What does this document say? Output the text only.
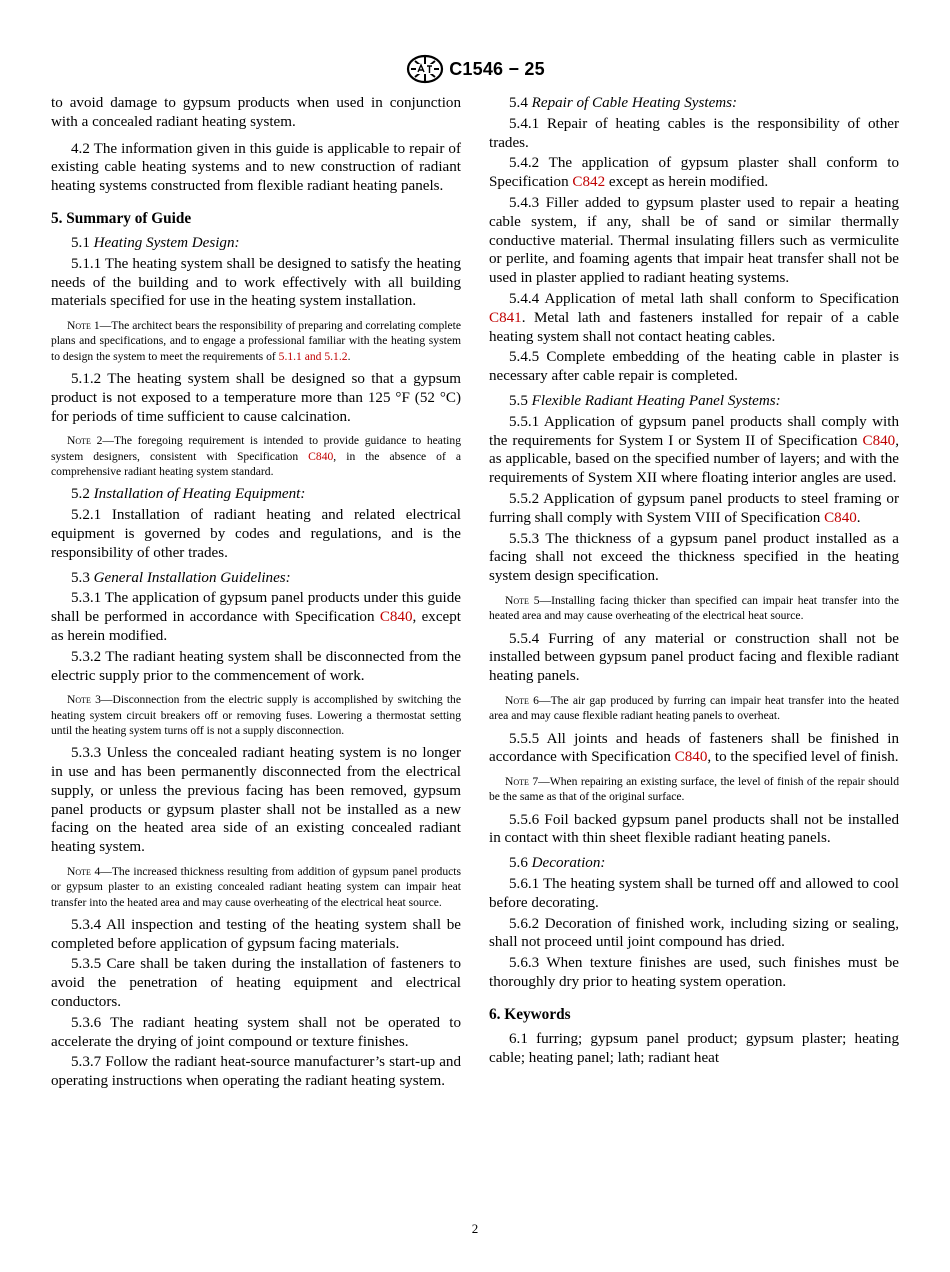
C1546 − 25

to avoid damage to gypsum products when used in conjunction with a concealed radiant heating system.

4.2 The information given in this guide is applicable to repair of existing cable heating systems and to new construction of radiant heating systems constructed from flexible radiant heating panels.

5. Summary of Guide

5.1 Heating System Design:

5.1.1 The heating system shall be designed to satisfy the heating needs of the building and to work effectively with all building materials specified for use in the heating system installation.

Note 1—The architect bears the responsibility of preparing and correlating complete plans and specifications, and to engage a professional familiar with the heating system to design the system to meet the requirements of 5.1.1 and 5.1.2.

5.1.2 The heating system shall be designed so that a gypsum product is not exposed to a temperature more than 125 °F (52 °C) for periods of time sufficient to cause calcination.

Note 2—The foregoing requirement is intended to provide guidance to heating system designers, consistent with Specification C840, in the absence of a comprehensive radiant heating system standard.

5.2 Installation of Heating Equipment:

5.2.1 Installation of radiant heating and related electrical equipment is governed by codes and regulations, and is the responsibility of other trades.

5.3 General Installation Guidelines:

5.3.1 The application of gypsum panel products under this guide shall be performed in accordance with Specification C840, except as herein modified.

5.3.2 The radiant heating system shall be disconnected from the electric supply prior to the commencement of work.

Note 3—Disconnection from the electric supply is accomplished by switching the heating system circuit breakers off or removing fuses. Lowering a thermostat setting until the heating system turns off is not a supply disconnection.

5.3.3 Unless the concealed radiant heating system is no longer in use and has been permanently disconnected from the electrical supply, or unless the previous facing has been removed, gypsum panel products or gypsum plaster shall not be installed as a new facing on the heated area side of an existing concealed radiant heating system.

Note 4—The increased thickness resulting from addition of gypsum panel products or gypsum plaster to an existing concealed radiant heating system can impair heat transfer into the heated area and may cause overheating of the electrical heat source.

5.3.4 All inspection and testing of the heating system shall be completed before application of gypsum facing materials.

5.3.5 Care shall be taken during the installation of fasteners to avoid the penetration of heating equipment and electrical conductors.

5.3.6 The radiant heating system shall not be operated to accelerate the drying of joint compound or texture finishes.

5.3.7 Follow the radiant heat-source manufacturer’s start-up and operating instructions when operating the radiant heating system.

5.4 Repair of Cable Heating Systems:

5.4.1 Repair of heating cables is the responsibility of other trades.

5.4.2 The application of gypsum plaster shall conform to Specification C842 except as herein modified.

5.4.3 Filler added to gypsum plaster used to repair a heating cable system, if any, shall be of sand or similar thermally conductive material. Thermal insulating fillers such as vermiculite or perlite, and foaming agents that impair heat transfer shall not be used in plaster applied to radiant heating systems.

5.4.4 Application of metal lath shall conform to Specification C841. Metal lath and fasteners installed for repair of a cable heating system shall not contact heating cables.

5.4.5 Complete embedding of the heating cable in plaster is necessary after cable repair is completed.

5.5 Flexible Radiant Heating Panel Systems:

5.5.1 Application of gypsum panel products shall comply with the requirements for System I or System II of Specification C840, as applicable, based on the specified number of layers; and with the requirements of System XII where floating interior angles are used.

5.5.2 Application of gypsum panel products to steel framing or furring shall comply with System VIII of Specification C840.

5.5.3 The thickness of a gypsum panel product installed as a facing shall not exceed the thickness specified in the heating system design specification.

Note 5—Installing facing thicker than specified can impair heat transfer into the heated area and may cause overheating of the electrical heat source.

5.5.4 Furring of any material or construction shall not be installed between gypsum panel product facing and flexible radiant heating panels.

Note 6—The air gap produced by furring can impair heat transfer into the heated area and may cause flexible radiant heating panels to overheat.

5.5.5 All joints and heads of fasteners shall be finished in accordance with Specification C840, to the specified level of finish.

Note 7—When repairing an existing surface, the level of finish of the repair should be the same as that of the original surface.

5.5.6 Foil backed gypsum panel products shall not be installed in contact with thin sheet flexible radiant heating panels.

5.6 Decoration:

5.6.1 The heating system shall be turned off and allowed to cool before decorating.

5.6.2 Decoration of finished work, including sizing or sealing, shall not proceed until joint compound has dried.

5.6.3 When texture finishes are used, such finishes must be thoroughly dry prior to heating system operation.

6. Keywords

6.1 furring; gypsum panel product; gypsum plaster; heating cable; heating panel; lath; radiant heat

2
